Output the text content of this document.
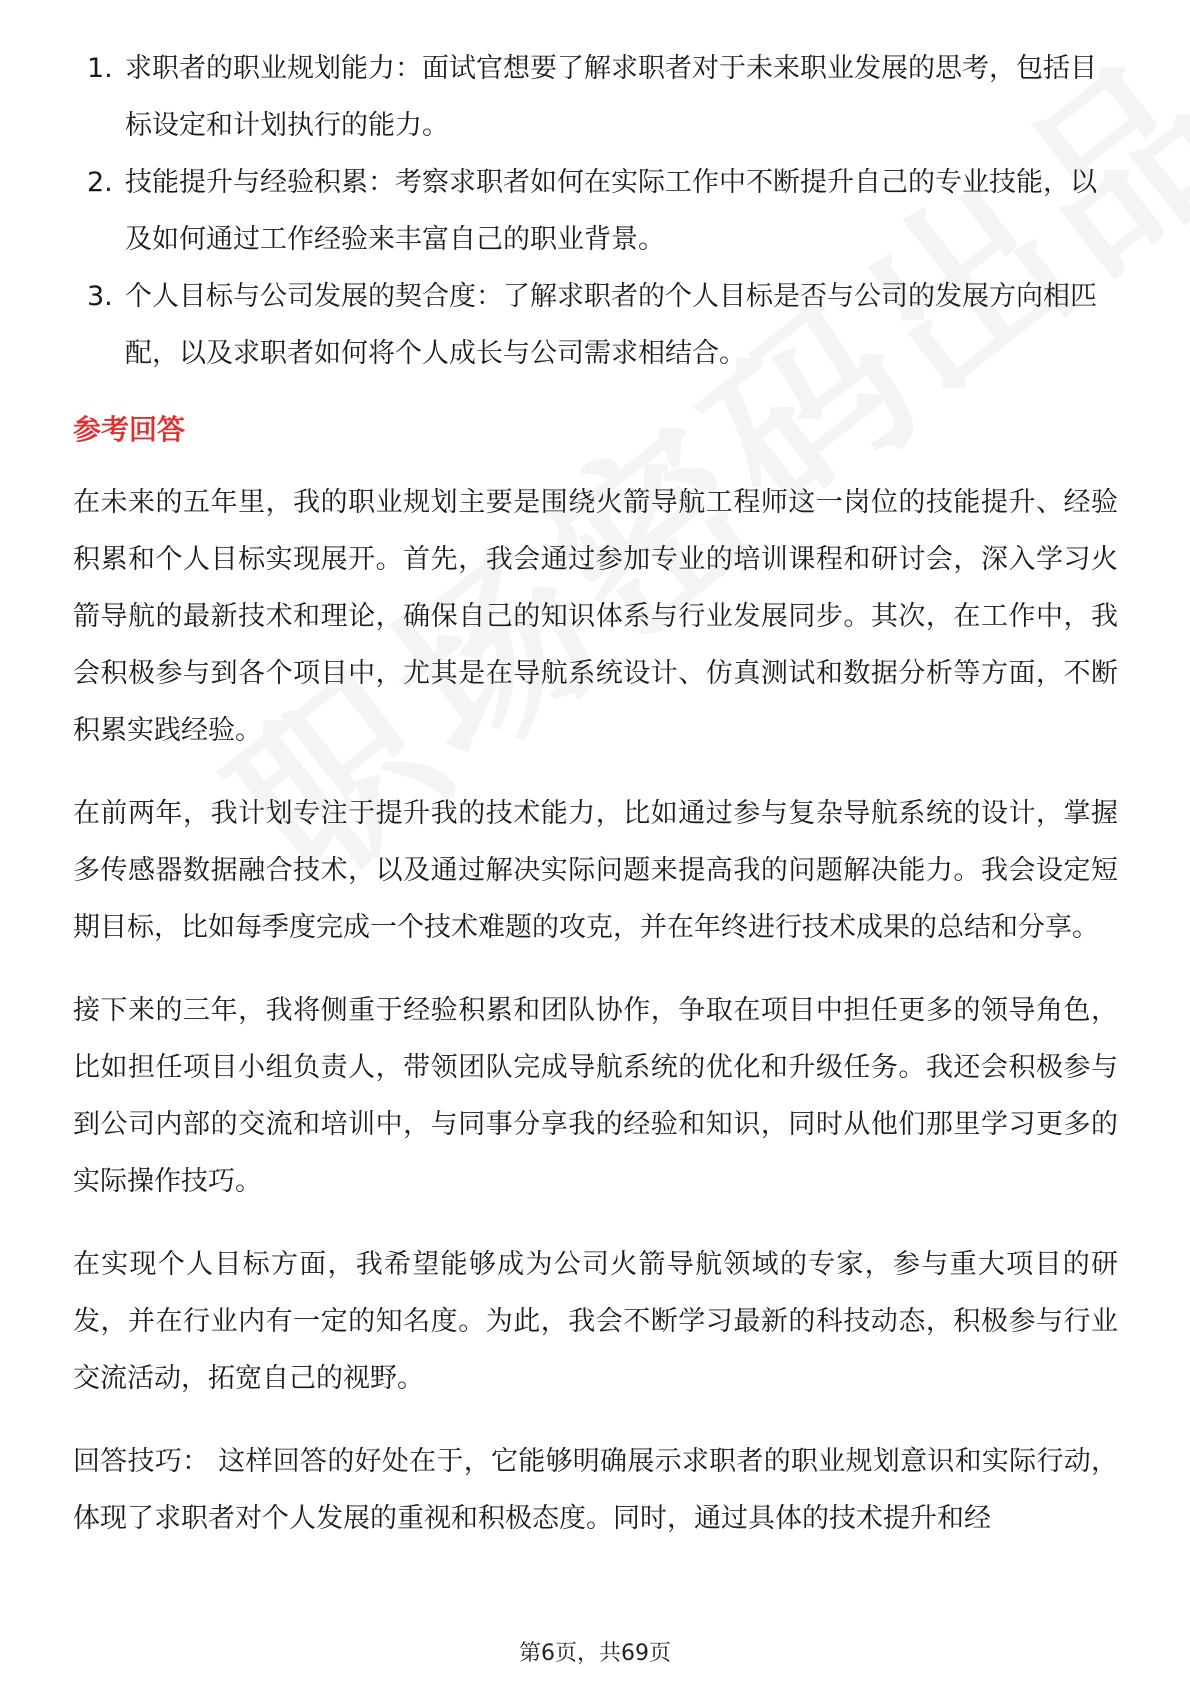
1. 求职者的职业规划能力：面试官想要了解求职者对于未来职业发展的思考，包括目标设定和计划执行的能力。
2. 技能提升与经验积累：考察求职者如何在实际工作中不断提升自己的专业技能，以及如何通过工作经验来丰富自己的职业背景。
3. 个人目标与公司发展的契合度：了解求职者的个人目标是否与公司的发展方向相匹配，以及求职者如何将个人成长与公司需求相结合。
参考回答

在未来的五年里，我的职业规划主要是围绕火箭导航工程师这一岗位的技能提升、经验积累和个人目标实现展开。首先，我会通过参加专业的培训课程和研讨会，深入学习火箭导航的最新技术和理论，确保自己的知识体系与行业发展同步。其次，在工作中，我会积极参与到各个项目中，尤其是在导航系统设计、仿真测试和数据分析等方面，不断积累实践经验。

在前两年，我计划专注于提升我的技术能力，比如通过参与复杂导航系统的设计，掌握多传感器数据融合技术，以及通过解决实际问题来提高我的问题解决能力。我会设定短期目标，比如每季度完成一个技术难题的攻克，并在年终进行技术成果的总结和分享。

接下来的三年，我将侧重于经验积累和团队协作，争取在项目中担任更多的领导角色，比如担任项目小组负责人，带领团队完成导航系统的优化和升级任务。我还会积极参与到公司内部的交流和培训中，与同事分享我的经验和知识，同时从他们那里学习更多的实际操作技巧。

在实现个人目标方面，我希望能够成为公司火箭导航领域的专家，参与重大项目的研发，并在行业内有一定的知名度。为此，我会不断学习最新的科技动态，积极参与行业交流活动，拓宽自己的视野。

回答技巧： 这样回答的好处在于，它能够明确展示求职者的职业规划意识和实际行动，体现了求职者对个人发展的重视和积极态度。同时，通过具体的技术提升和经

第6页，共69页
